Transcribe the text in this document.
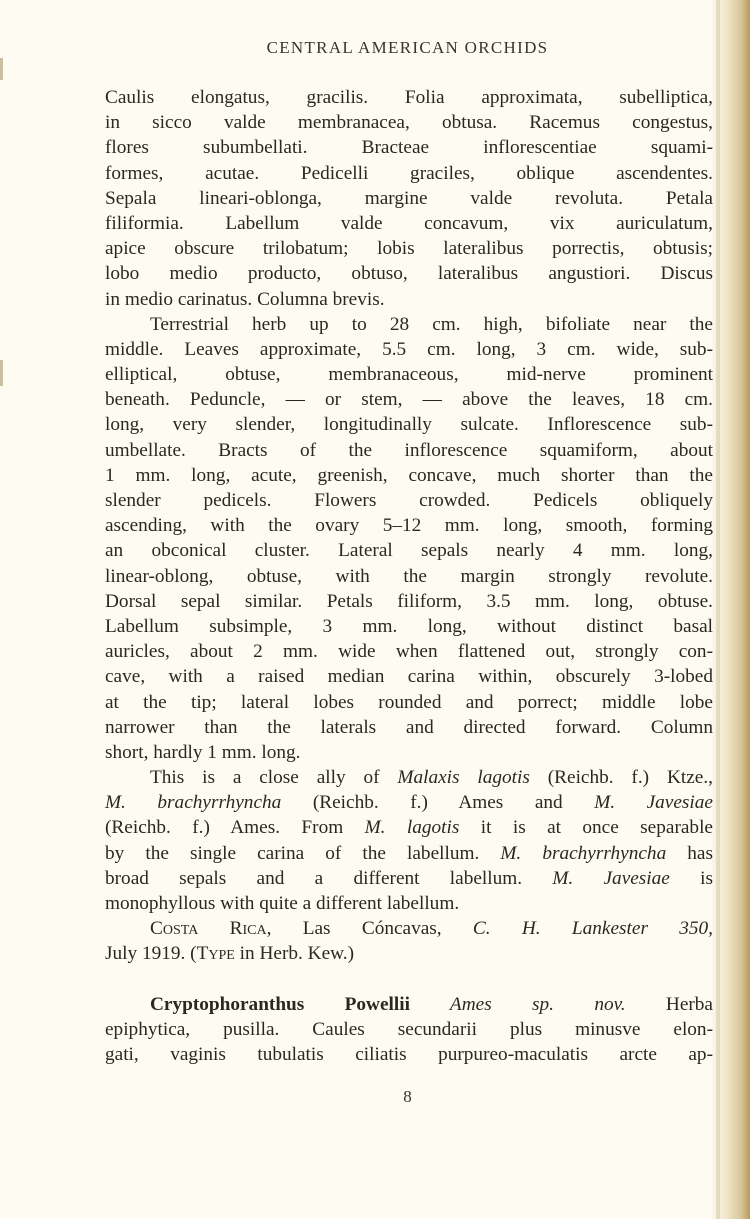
CENTRAL AMERICAN ORCHIDS
Caulis elongatus, gracilis. Folia approximata, subelliptica,
in sicco valde membranacea, obtusa. Racemus congestus,
flores subumbellati. Bracteae inflorescentiae squami-
formes, acutae. Pedicelli graciles, oblique ascendentes.
Sepala lineari-oblonga, margine valde revoluta. Petala
filiformia. Labellum valde concavum, vix auriculatum,
apice obscure trilobatum; lobis lateralibus porrectis, obtusis;
lobo medio producto, obtuso, lateralibus angustiori. Discus
in medio carinatus. Columna brevis.
Terrestrial herb up to 28 cm. high, bifoliate near the
middle. Leaves approximate, 5.5 cm. long, 3 cm. wide, sub-
elliptical, obtuse, membranaceous, mid-nerve prominent
beneath. Peduncle, — or stem, — above the leaves, 18 cm.
long, very slender, longitudinally sulcate. Inflorescence sub-
umbellate. Bracts of the inflorescence squamiform, about
1 mm. long, acute, greenish, concave, much shorter than the
slender pedicels. Flowers crowded. Pedicels obliquely
ascending, with the ovary 5–12 mm. long, smooth, forming
an obconical cluster. Lateral sepals nearly 4 mm. long,
linear-oblong, obtuse, with the margin strongly revolute.
Dorsal sepal similar. Petals filiform, 3.5 mm. long, obtuse.
Labellum subsimple, 3 mm. long, without distinct basal
auricles, about 2 mm. wide when flattened out, strongly con-
cave, with a raised median carina within, obscurely 3-lobed
at the tip; lateral lobes rounded and porrect; middle lobe
narrower than the laterals and directed forward. Column
short, hardly 1 mm. long.
This is a close ally of Malaxis lagotis (Reichb. f.) Ktze.,
M. brachyrrhyncha (Reichb. f.) Ames and M. Javesiae
(Reichb. f.) Ames. From M. lagotis it is at once separable
by the single carina of the labellum. M. brachyrrhyncha has
broad sepals and a different labellum. M. Javesiae is
monophyllous with quite a different labellum.
Costa Rica, Las Cóncavas, C. H. Lankester 350,
July 1919. (Type in Herb. Kew.)
Cryptophoranthus Powellii Ames sp. nov. Herba
epiphytica, pusilla. Caules secundarii plus minusve elon-
gati, vaginis tubulatis ciliatis purpureo-maculatis arcte ap-
8
